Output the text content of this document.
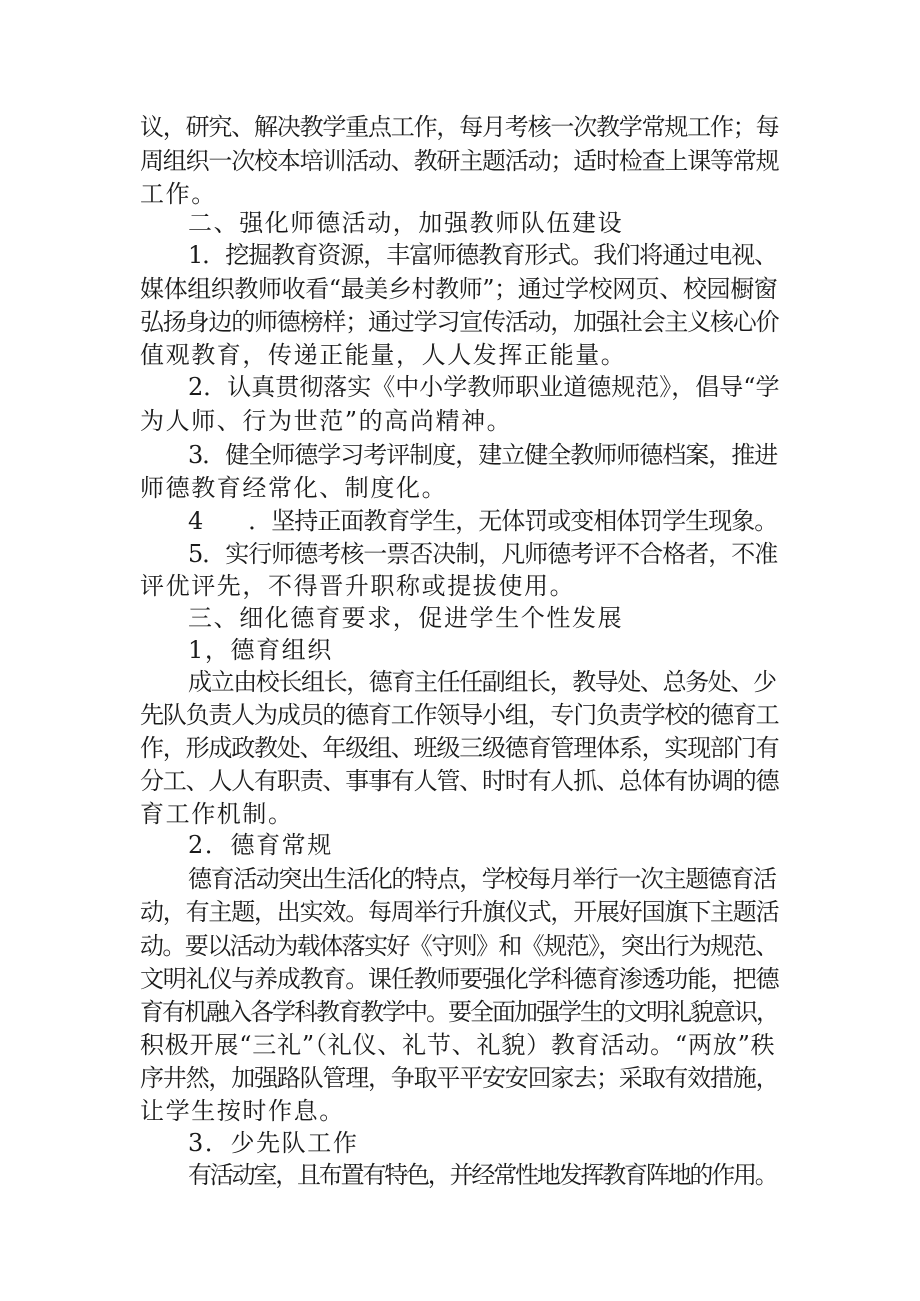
议，研究、解决教学重点工作，每月考核一次教学常规工作；每
周组织一次校本培训活动、教研主题活动；适时检查上课等常规
工作。
二、强化师德活动，加强教师队伍建设
1．挖掘教育资源，丰富师德教育形式。我们将通过电视、
媒体组织教师收看“最美乡村教师”；通过学校网页、校园橱窗
弘扬身边的师德榜样；通过学习宣传活动，加强社会主义核心价
值观教育，传递正能量，人人发挥正能量。
2．认真贯彻落实《中小学教师职业道德规范》，倡导“学
为人师、行为世范”的高尚精神。
3．健全师德学习考评制度，建立健全教师师德档案，推进
师德教育经常化、制度化。
4　　．坚持正面教育学生，无体罚或变相体罚学生现象。
5．实行师德考核一票否决制，凡师德考评不合格者，不准
评优评先，不得晋升职称或提拔使用。
三、细化德育要求，促进学生个性发展
1，德育组织
成立由校长组长，德育主任任副组长，教导处、总务处、少
先队负责人为成员的德育工作领导小组，专门负责学校的德育工
作，形成政教处、年级组、班级三级德育管理体系，实现部门有
分工、人人有职责、事事有人管、时时有人抓、总体有协调的德
育工作机制。
2．德育常规
德育活动突出生活化的特点，学校每月举行一次主题德育活
动，有主题，出实效。每周举行升旗仪式，开展好国旗下主题活
动。要以活动为载体落实好《守则》和《规范》，突出行为规范、
文明礼仪与养成教育。课任教师要强化学科德育渗透功能，把德
育有机融入各学科教育教学中。要全面加强学生的文明礼貌意识，
积极开展“三礼”（礼仪、礼节、礼貌）教育活动。“两放”秩
序井然，加强路队管理，争取平平安安回家去；采取有效措施，
让学生按时作息。
3．少先队工作
有活动室，且布置有特色，并经常性地发挥教育阵地的作用。
